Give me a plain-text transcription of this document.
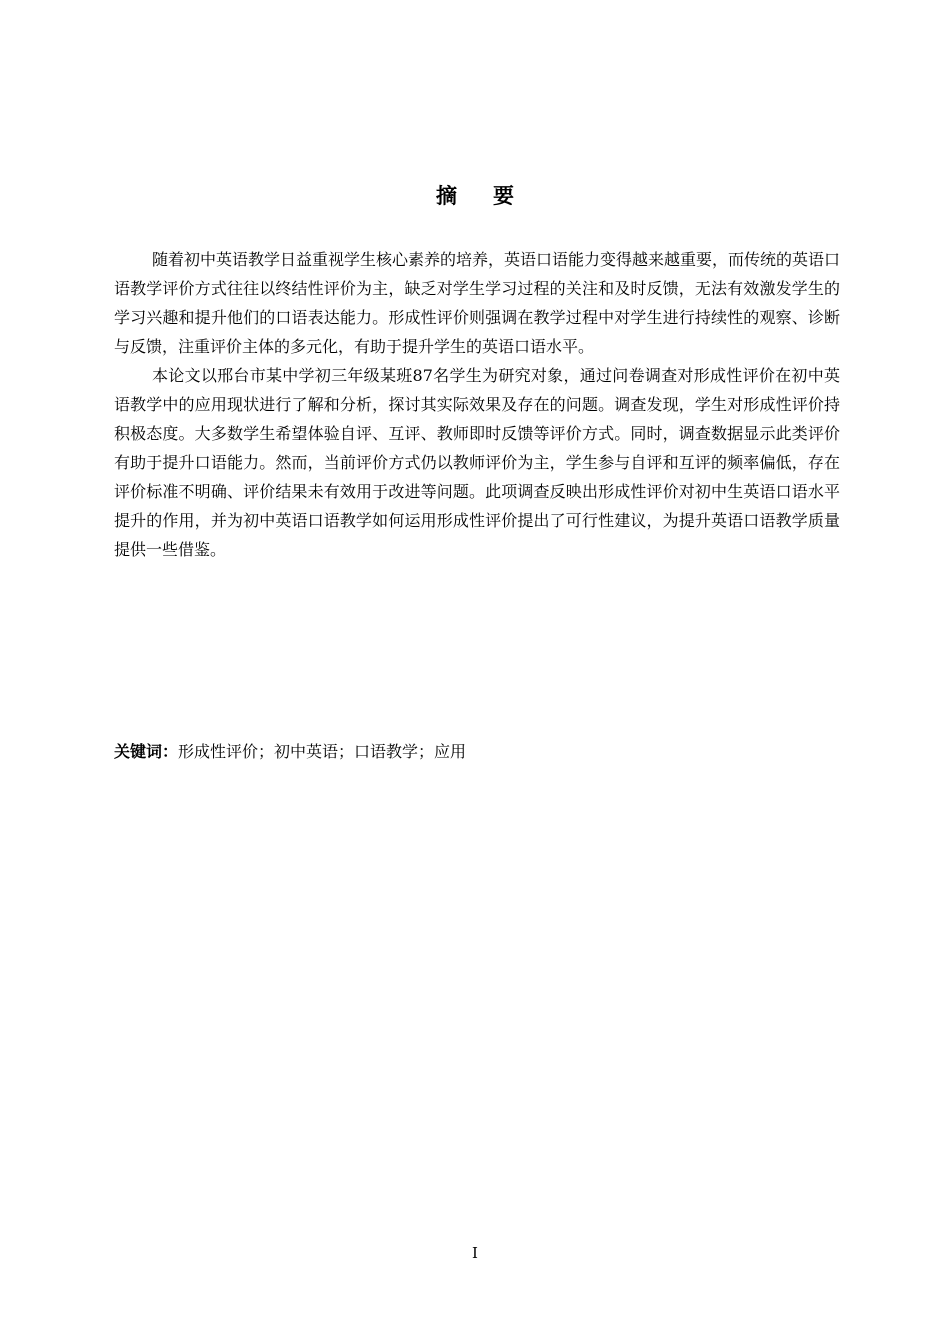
摘要

随着初中英语教学日益重视学生核心素养的培养，英语口语能力变得越来越重要，而传统的英语口语教学评价方式往往以终结性评价为主，缺乏对学生学习过程的关注和及时反馈，无法有效激发学生的学习兴趣和提升他们的口语表达能力。形成性评价则强调在教学过程中对学生进行持续性的观察、诊断与反馈，注重评价主体的多元化，有助于提升学生的英语口语水平。

本论文以邢台市某中学初三年级某班87名学生为研究对象，通过问卷调查对形成性评价在初中英语教学中的应用现状进行了解和分析，探讨其实际效果及存在的问题。调查发现，学生对形成性评价持积极态度。大多数学生希望体验自评、互评、教师即时反馈等评价方式。同时，调查数据显示此类评价有助于提升口语能力。然而，当前评价方式仍以教师评价为主，学生参与自评和互评的频率偏低，存在评价标准不明确、评价结果未有效用于改进等问题。此项调查反映出形成性评价对初中生英语口语水平提升的作用，并为初中英语口语教学如何运用形成性评价提出了可行性建议，为提升英语口语教学质量提供一些借鉴。

关键词：形成性评价；初中英语；口语教学；应用
I
